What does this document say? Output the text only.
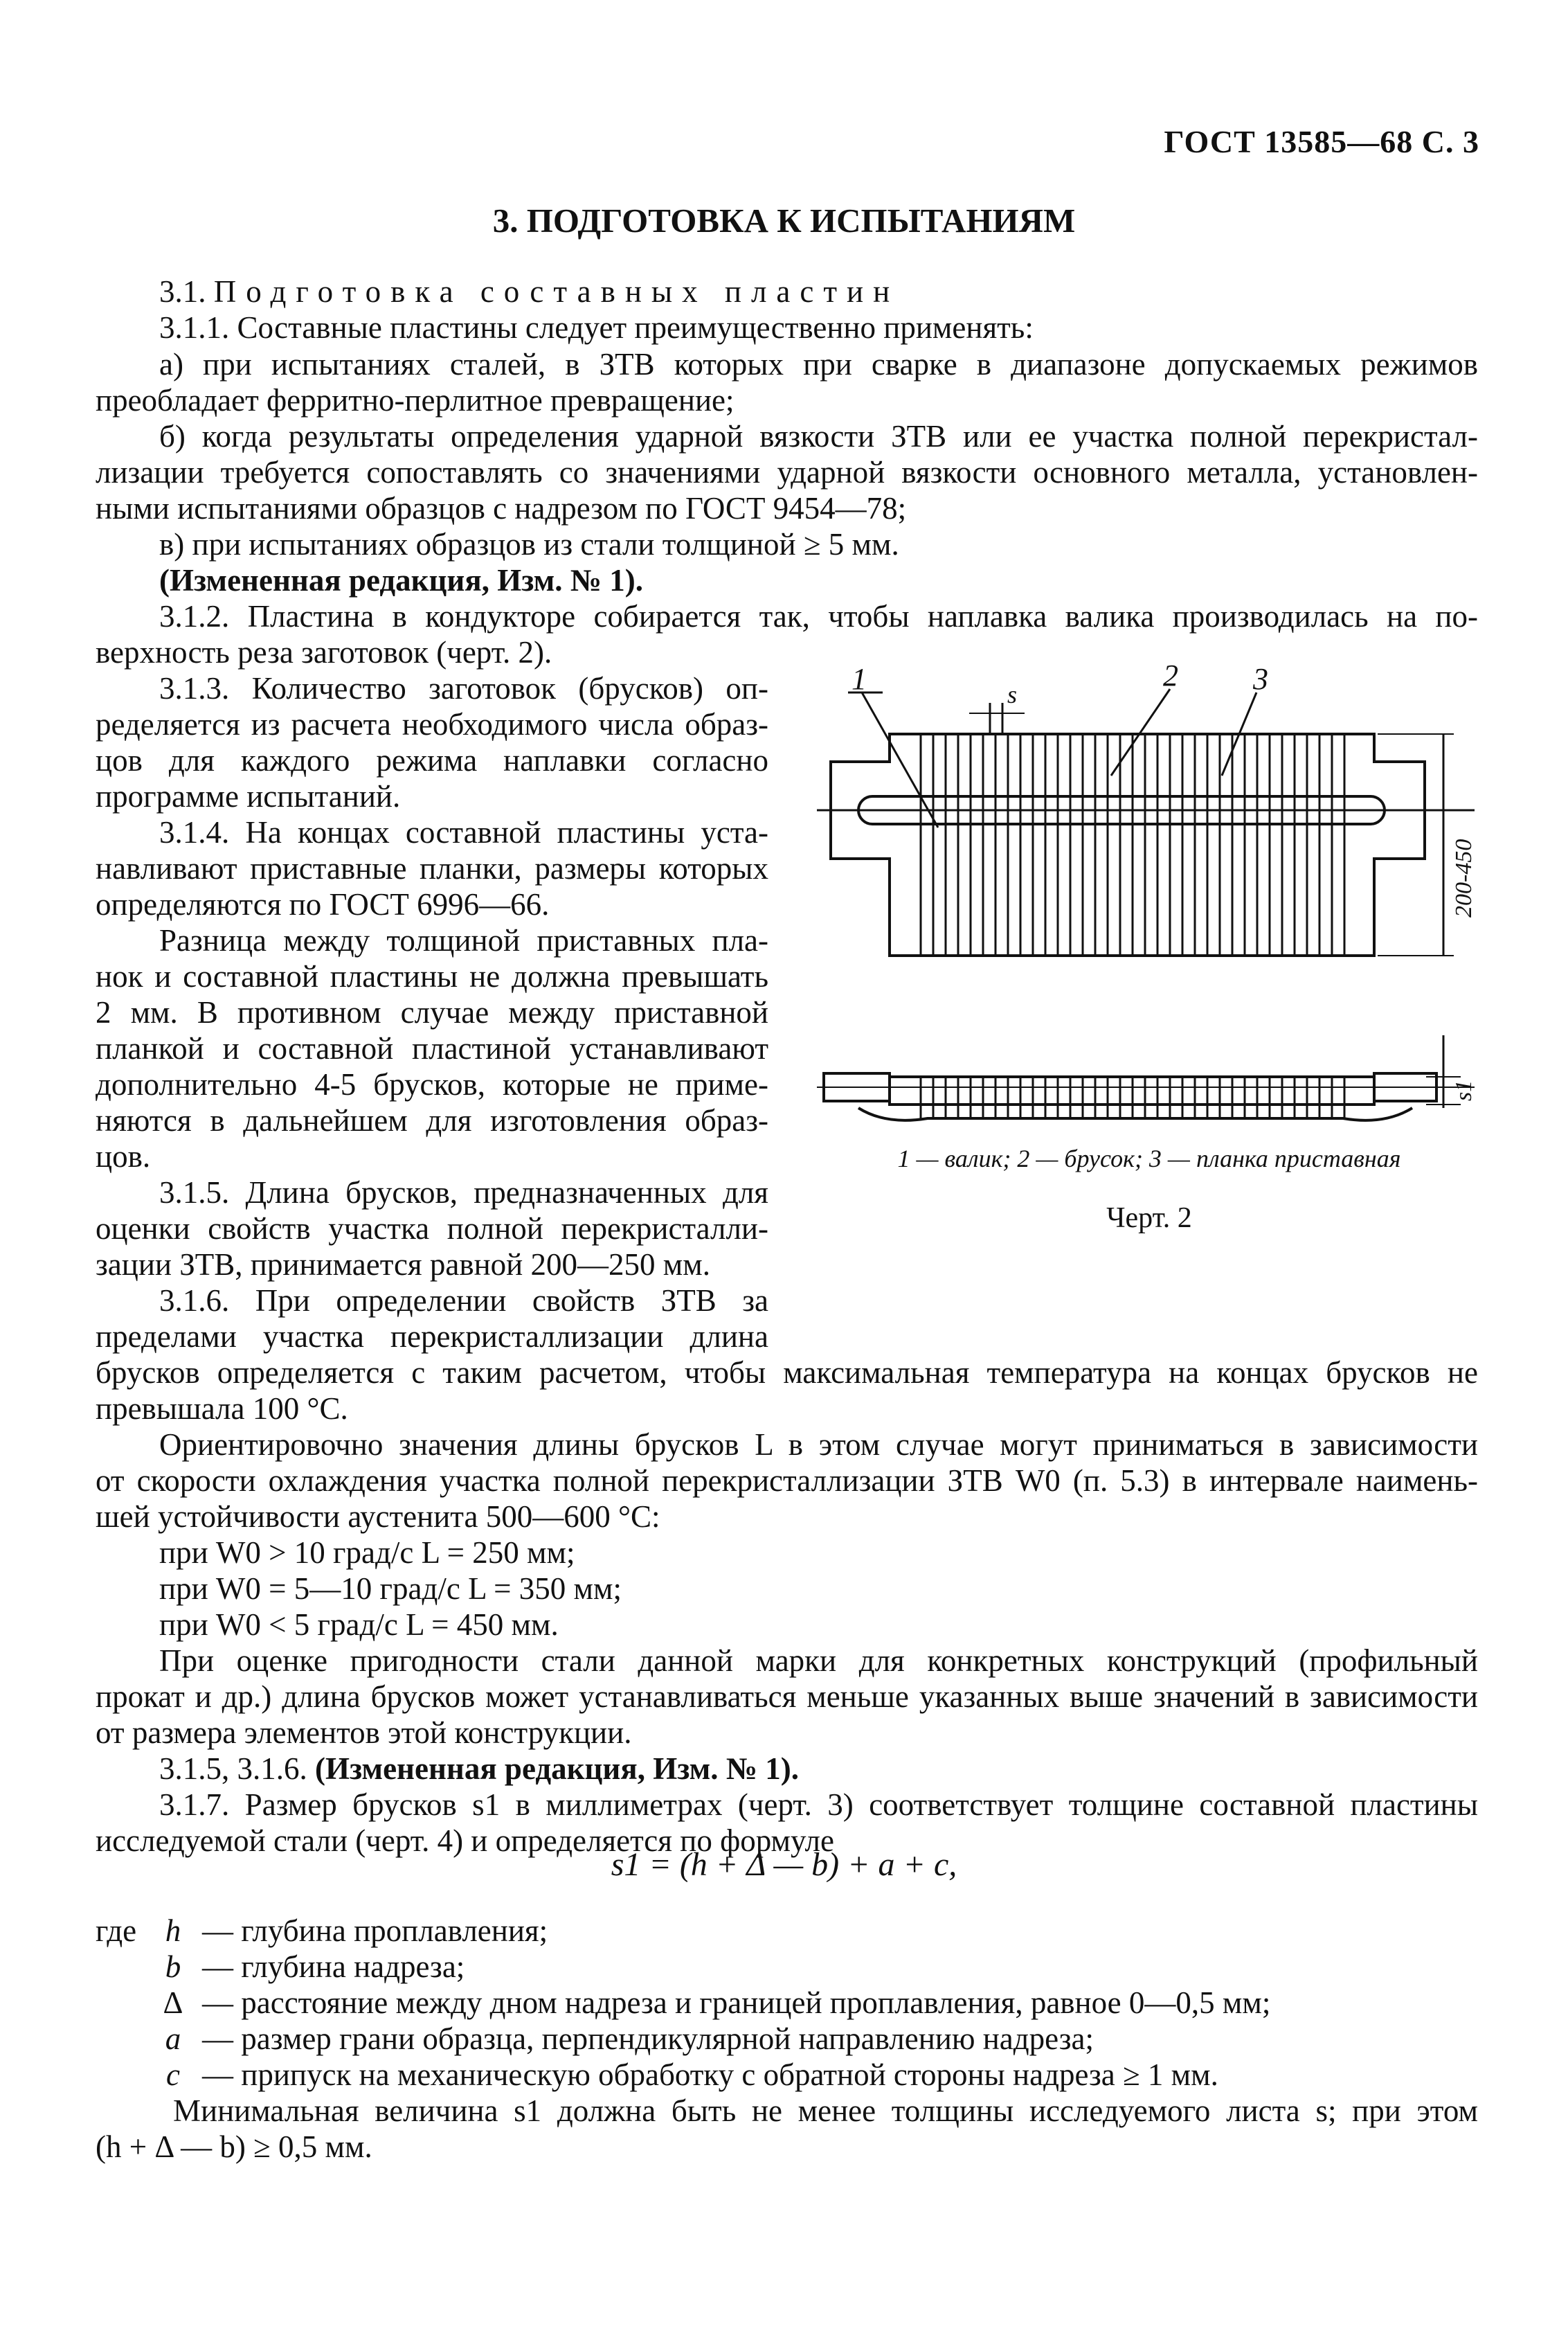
ГОСТ 13585—68 С. 3
3. ПОДГОТОВКА К ИСПЫТАНИЯМ
3.1. Подготовка составных пластин
3.1.1. Составные пластины следует преимущественно применять:
а) при испытаниях сталей, в ЗТВ которых при сварке в диапазоне допускаемых режимов
преобладает ферритно-перлитное превращение;
б) когда результаты определения ударной вязкости ЗТВ или ее участка полной перекристал-
лизации требуется сопоставлять со значениями ударной вязкости основного металла, установлен-
ными испытаниями образцов с надрезом по ГОСТ 9454—78;
в) при испытаниях образцов из стали толщиной ≥ 5 мм.
(Измененная редакция, Изм. № 1).
3.1.2. Пластина в кондукторе собирается так, чтобы наплавка валика производилась на по-
верхность реза заготовок (черт. 2).
3.1.3. Количество заготовок (брусков) оп-
ределяется из расчета необходимого числа образ-
цов для каждого режима наплавки согласно
программе испытаний.
3.1.4. На концах составной пластины уста-
навливают приставные планки, размеры которых
определяются по ГОСТ 6996—66.
Разница между толщиной приставных пла-
нок и составной пластины не должна превышать
2 мм. В противном случае между приставной
планкой и составной пластиной устанавливают
дополнительно 4-5 брусков, которые не приме-
няются в дальнейшем для изготовления образ-
цов.
3.1.5. Длина брусков, предназначенных для
оценки свойств участка полной перекристалли-
зации ЗТВ, принимается равной 200—250 мм.
3.1.6. При определении свойств ЗТВ за
пределами участка перекристаллизации длина
брусков определяется с таким расчетом, чтобы максимальная температура на концах брусков не
превышала 100 °С.
Ориентировочно значения длины брусков L в этом случае могут приниматься в зависимости
от скорости охлаждения участка полной перекристаллизации ЗТВ W0 (п. 5.3) в интервале наимень-
шей устойчивости аустенита 500—600 °С:
при W0 > 10 град/с L = 250 мм;
при W0 = 5—10 град/с L = 350 мм;
при W0 < 5 град/с L = 450 мм.
При оценке пригодности стали данной марки для конкретных конструкций (профильный
прокат и др.) длина брусков может устанавливаться меньше указанных выше значений в зависимости
от размера элементов этой конструкции.
3.1.5, 3.1.6. (Измененная редакция, Изм. № 1).
3.1.7. Размер брусков s1 в миллиметрах (черт. 3) соответствует толщине составной пластины
исследуемой стали (черт. 4) и определяется по формуле
s1 = (h + Δ — b) + a + c,
где h — глубина проплавления;
b — глубина надреза;
Δ — расстояние между дном надреза и границей проплавления, равное 0—0,5 мм;
a — размер грани образца, перпендикулярной направлению надреза;
c — припуск на механическую обработку с обратной стороны надреза ≥ 1 мм.
Минимальная величина s1 должна быть не менее толщины исследуемого листа s; при этом
(h + Δ — b) ≥ 0,5 мм.
1	2 3
s
200-450
s1
1 — валик; 2 — брусок; 3 — планка приставная
Черт. 2
